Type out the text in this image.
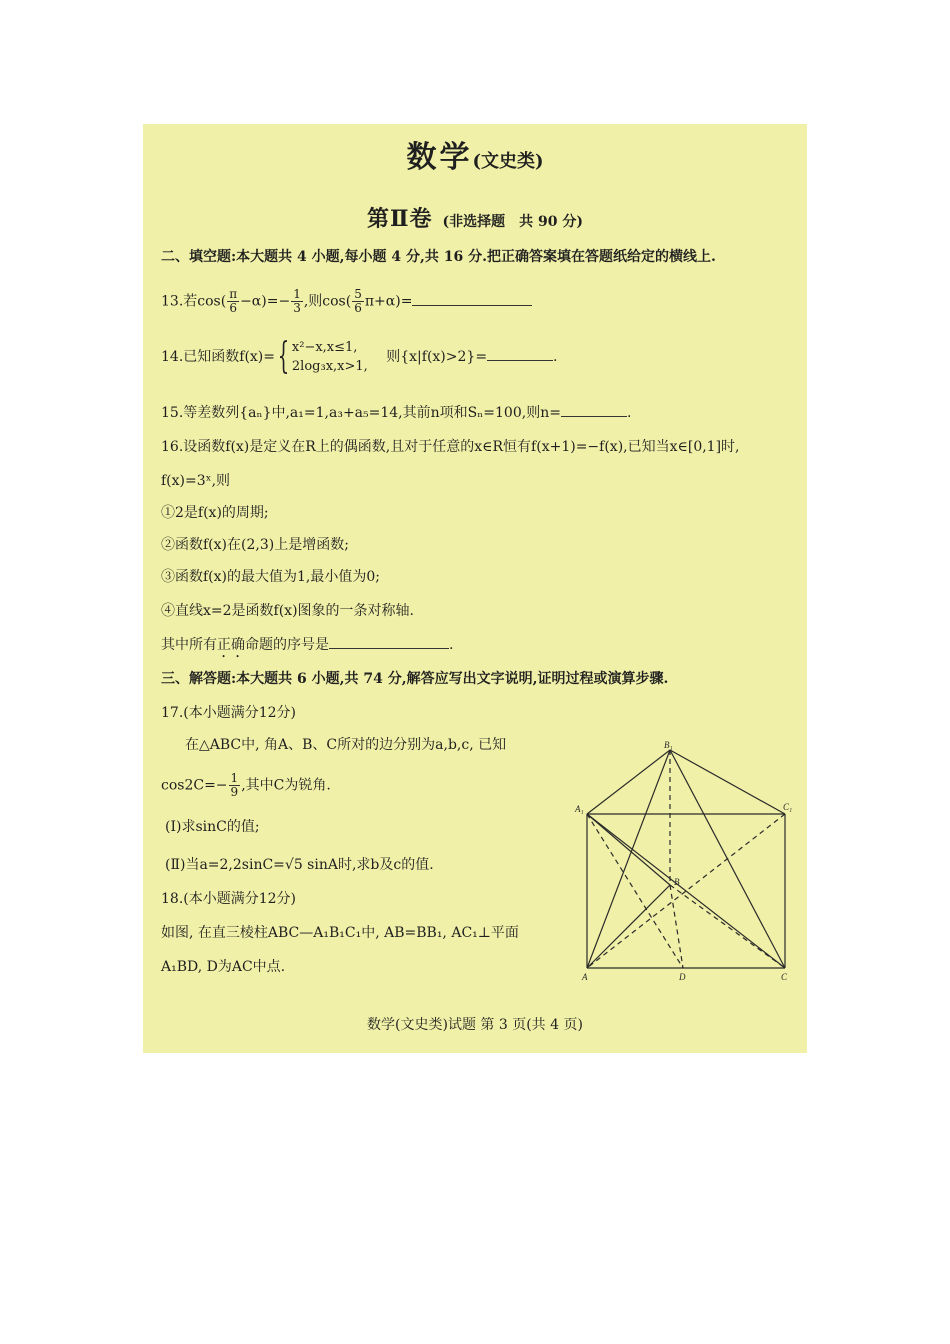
数学(文史类)
第Ⅱ卷 (非选择题　共 90 分)
二、填空题:本大题共 4 小题,每小题 4 分,共 16 分.把正确答案填在答题纸给定的横线上.
13.若$\cos( \frac{\pi}{6} -\alpha)=- \frac{1}{3}$ ,则$\cos( \frac{5}{6} \pi+\alpha)=$
14.已知函数f(x)={ x²−x,x≤1,
2log₃x,x>1,
则{x|f(x)>2}=	.
15.等差数列{aₙ}中,a₁=1,a₃+a₅=14,其前n项和Sₙ=100,则n=	.
16.设函数f(x)是定义在R上的偶函数,且对于任意的x∈R恒有f(x+1)=−f(x),已知当x∈[0,1]时,
f(x)=3ˣ,则
①2是f(x)的周期;
②函数f(x)在(2,3)上是增函数;
③函数f(x)的最大值为1,最小值为0;
④直线x=2是函数f(x)图象的一条对称轴.
其中所有正确命题的序号是	.
三、解答题:本大题共 6 小题,共 74 分,解答应写出文字说明,证明过程或演算步骤.
17.(本小题满分12分)
在△ABC中, 角A、B、C所对的边分别为a,b,c, 已知
$\cos 2C=- \frac{1}{9}$ ,其中C为锐角.
(Ⅰ)求sinC的值;
(Ⅱ)当a=2,2sinC=√5 sinA时,求b及c的值.
18.(本小题满分12分)
如图, 在直三棱柱ABC—A₁B₁C₁中, AB=BB₁, AC₁⊥平面
A₁BD, D为AC中点.
A₁
B₁
C₁
A
B
C
D
数学(文史类)试题 第 3 页(共 4 页)
